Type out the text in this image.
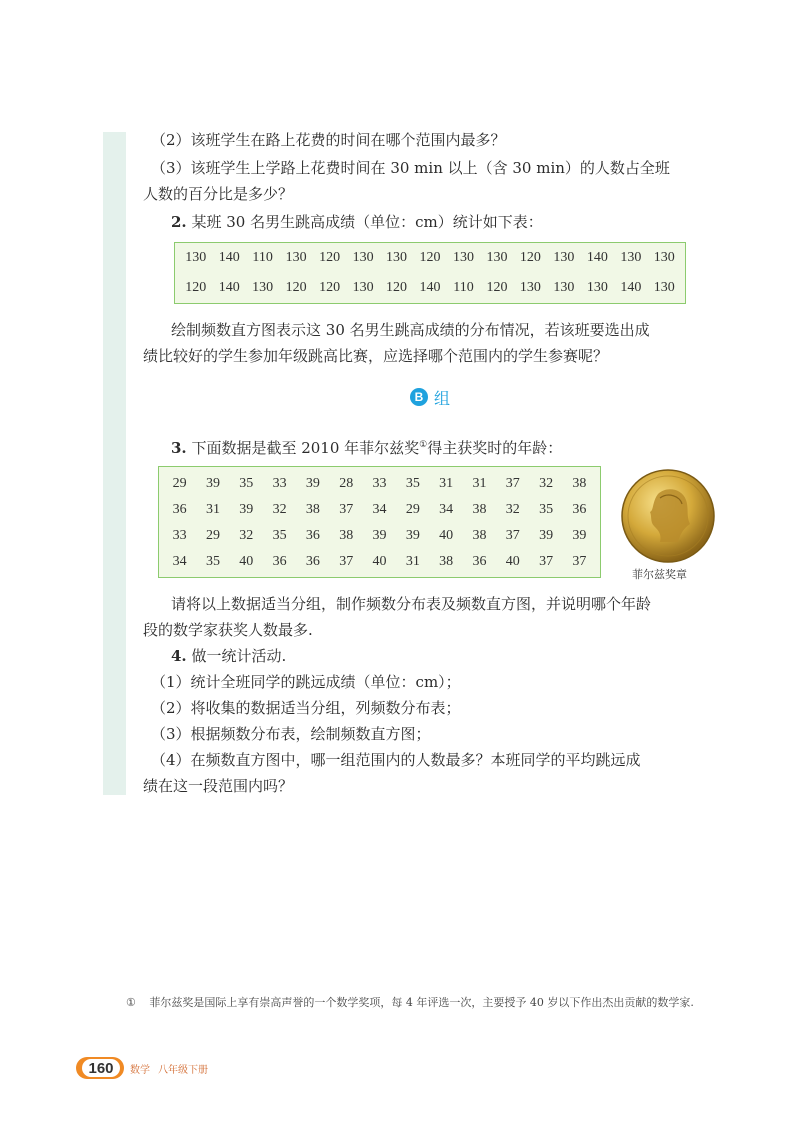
（2）该班学生在路上花费的时间在哪个范围内最多？
（3）该班学生上学路上花费时间在 30 min 以上（含 30 min）的人数占全班
人数的百分比是多少？
2. 某班 30 名男生跳高成绩（单位：cm）统计如下表：
130 140 110 130 120 130 130 120 130 130 120 130 140 130 130
120 140 130 120 120 130 120 140 110 120 130 130 130 140 130
绘制频数直方图表示这 30 名男生跳高成绩的分布情况，若该班要选出成
绩比较好的学生参加年级跳高比赛，应选择哪个范围内的学生参赛呢？
B 组
3. 下面数据是截至 2010 年菲尔兹奖①得主获奖时的年龄：
29	39	35	33	39	28	33	35	31	31	37	32	38
36	31	39	32	38	37	34	29	34	38	32	35	36
33	29	32	35	36	38	39	39	40	38	37	39	39
34	35	40	36	36	37	40	31	38	36	40	37	37
菲尔兹奖章
请将以上数据适当分组，制作频数分布表及频数直方图，并说明哪个年龄
段的数学家获奖人数最多.
4. 做一统计活动.
（1）统计全班同学的跳远成绩（单位：cm）；
（2）将收集的数据适当分组，列频数分布表；
（3）根据频数分布表，绘制频数直方图；
（4）在频数直方图中，哪一组范围内的人数最多？本班同学的平均跳远成
绩在这一段范围内吗？
① 菲尔兹奖是国际上享有崇高声誉的一个数学奖项，每 4 年评选一次，主要授予 40 岁以下作出杰出贡献的数学家.
160	数学 八年级下册
